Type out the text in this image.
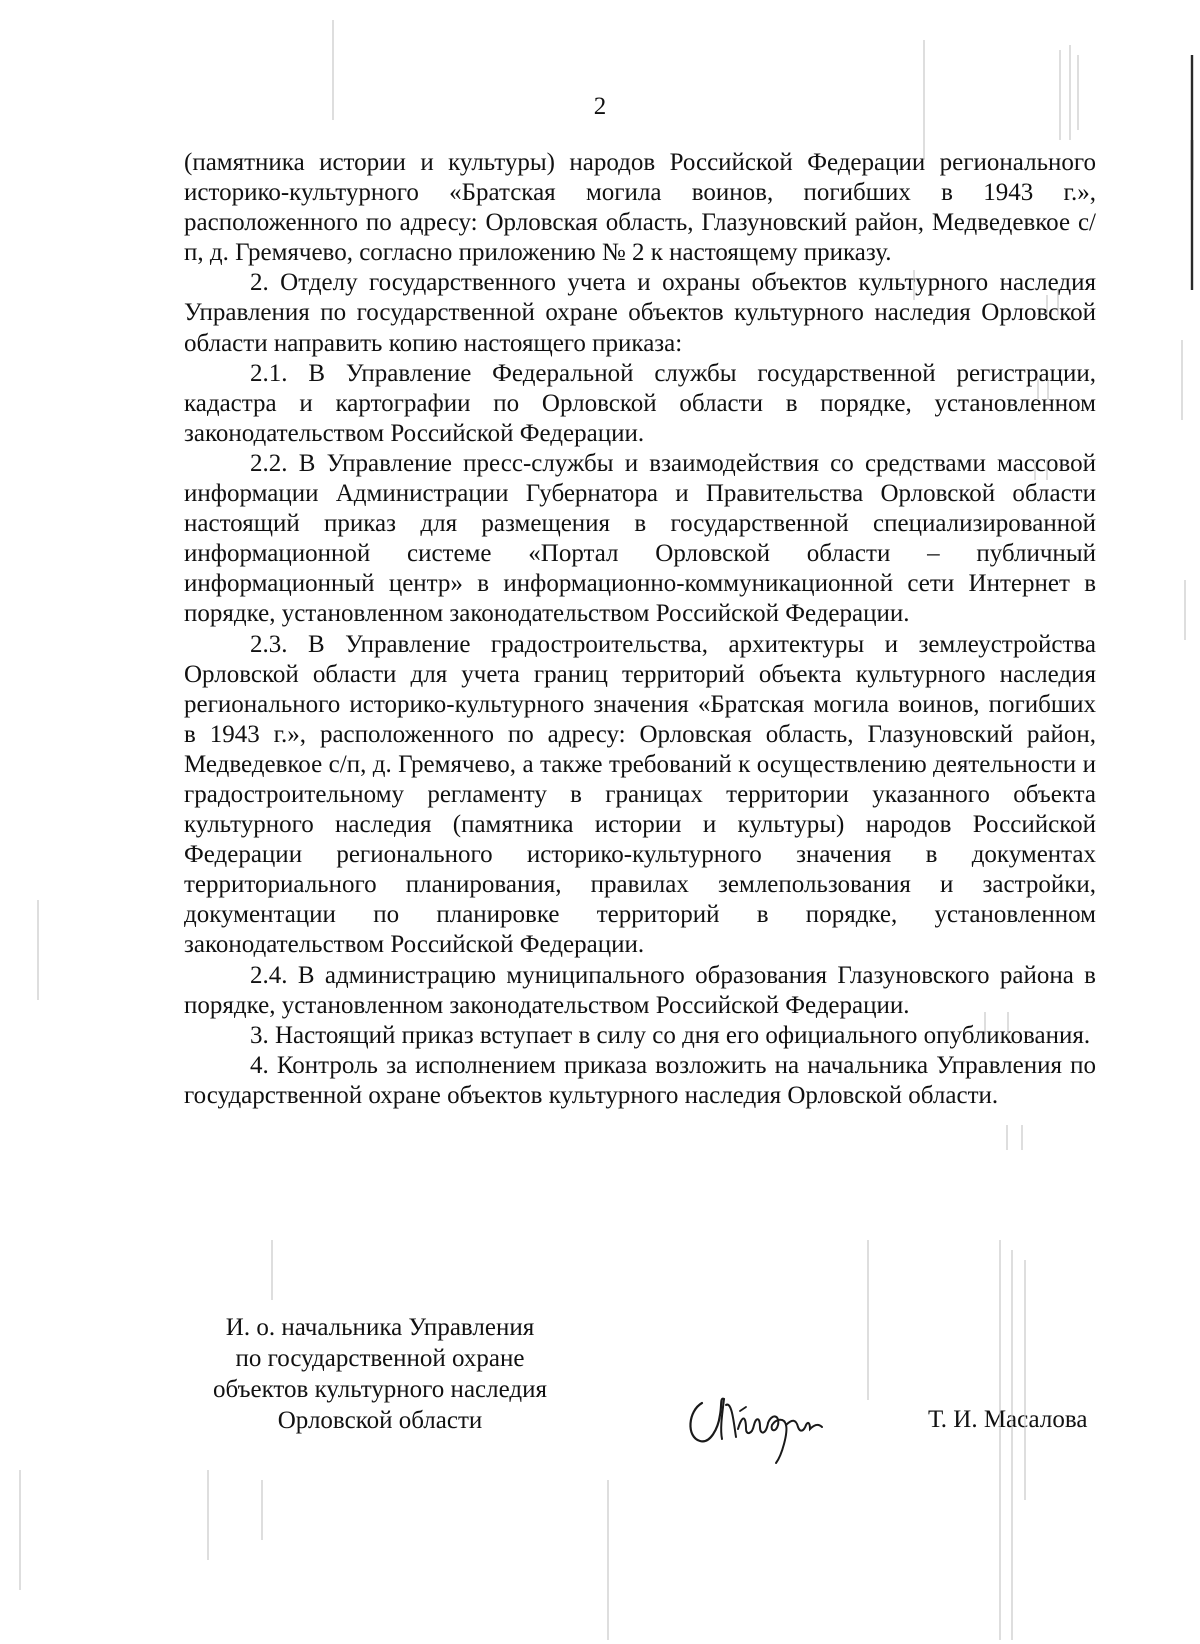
2

(памятника истории и культуры) народов Российской Федерации регионального историко-культурного «Братская могила воинов, погибших в 1943 г.», расположенного по адресу: Орловская область, Глазуновский район, Медведевкое с/п, д. Гремячево, согласно приложению № 2 к настоящему приказу.

2. Отделу государственного учета и охраны объектов культурного наследия Управления по государственной охране объектов культурного наследия Орловской области направить копию настоящего приказа:

2.1. В Управление Федеральной службы государственной регистрации, кадастра и картографии по Орловской области в порядке, установленном законодательством Российской Федерации.

2.2. В Управление пресс-службы и взаимодействия со средствами массовой информации Администрации Губернатора и Правительства Орловской области настоящий приказ для размещения в государственной специализированной информационной системе «Портал Орловской области – публичный информационный центр» в информационно-коммуникационной сети Интернет в порядке, установленном законодательством Российской Федерации.

2.3. В Управление градостроительства, архитектуры и землеустройства Орловской области для учета границ территорий объекта культурного наследия регионального историко-культурного значения «Братская могила воинов, погибших в 1943 г.», расположенного по адресу: Орловская область, Глазуновский район, Медведевкое с/п, д. Гремячево, а также требований к осуществлению деятельности и градостроительному регламенту в границах территории указанного объекта культурного наследия (памятника истории и культуры) народов Российской Федерации регионального историко-культурного значения в документах территориального планирования, правилах землепользования и застройки, документации по планировке территорий в порядке, установленном законодательством Российской Федерации.

2.4. В администрацию муниципального образования Глазуновского района в порядке, установленном законодательством Российской Федерации.

3. Настоящий приказ вступает в силу со дня его официального опубликования.

4. Контроль за исполнением приказа возложить на начальника Управления по государственной охране объектов культурного наследия Орловской области.

И. о. начальника Управления
по государственной охране
объектов культурного наследия
Орловской области	Т. И. Масалова
